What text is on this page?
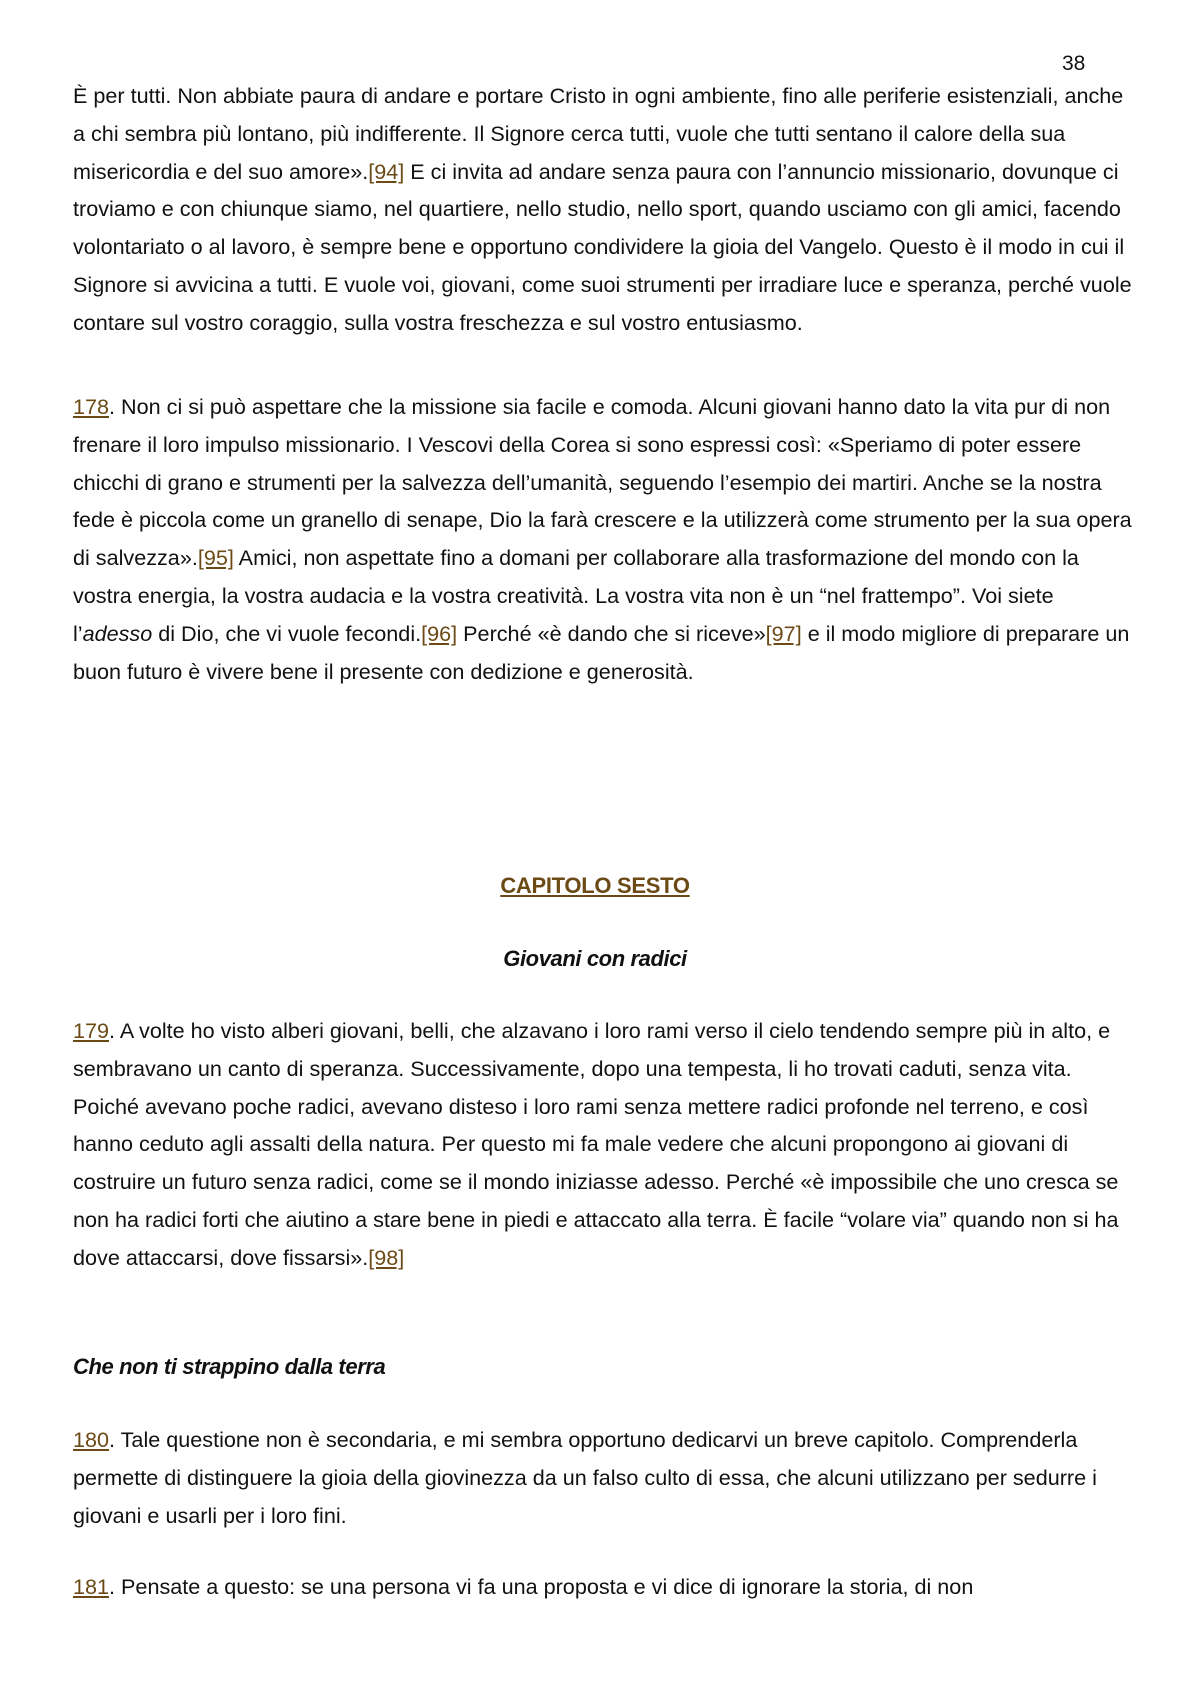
38

È per tutti. Non abbiate paura di andare e portare Cristo in ogni ambiente, fino alle periferie esistenziali, anche a chi sembra più lontano, più indifferente. Il Signore cerca tutti, vuole che tutti sentano il calore della sua misericordia e del suo amore».[94] E ci invita ad andare senza paura con l’annuncio missionario, dovunque ci troviamo e con chiunque siamo, nel quartiere, nello studio, nello sport, quando usciamo con gli amici, facendo volontariato o al lavoro, è sempre bene e opportuno condividere la gioia del Vangelo. Questo è il modo in cui il Signore si avvicina a tutti. E vuole voi, giovani, come suoi strumenti per irradiare luce e speranza, perché vuole contare sul vostro coraggio, sulla vostra freschezza e sul vostro entusiasmo.

178. Non ci si può aspettare che la missione sia facile e comoda. Alcuni giovani hanno dato la vita pur di non frenare il loro impulso missionario. I Vescovi della Corea si sono espressi così: «Speriamo di poter essere chicchi di grano e strumenti per la salvezza dell’umanità, seguendo l’esempio dei martiri. Anche se la nostra fede è piccola come un granello di senape, Dio la farà crescere e la utilizzerà come strumento per la sua opera di salvezza».[95] Amici, non aspettate fino a domani per collaborare alla trasformazione del mondo con la vostra energia, la vostra audacia e la vostra creatività. La vostra vita non è un “nel frattempo”. Voi siete l’adesso di Dio, che vi vuole fecondi.[96] Perché «è dando che si riceve»[97] e il modo migliore di preparare un buon futuro è vivere bene il presente con dedizione e generosità.

CAPITOLO SESTO

Giovani con radici

179. A volte ho visto alberi giovani, belli, che alzavano i loro rami verso il cielo tendendo sempre più in alto, e sembravano un canto di speranza. Successivamente, dopo una tempesta, li ho trovati caduti, senza vita. Poiché avevano poche radici, avevano disteso i loro rami senza mettere radici profonde nel terreno, e così hanno ceduto agli assalti della natura. Per questo mi fa male vedere che alcuni propongono ai giovani di costruire un futuro senza radici, come se il mondo iniziasse adesso. Perché «è impossibile che uno cresca se non ha radici forti che aiutino a stare bene in piedi e attaccato alla terra. È facile “volare via” quando non si ha dove attaccarsi, dove fissarsi».[98]

Che non ti strappino dalla terra

180. Tale questione non è secondaria, e mi sembra opportuno dedicarvi un breve capitolo. Comprenderla permette di distinguere la gioia della giovinezza da un falso culto di essa, che alcuni utilizzano per sedurre i giovani e usarli per i loro fini.

181. Pensate a questo: se una persona vi fa una proposta e vi dice di ignorare la storia, di non
